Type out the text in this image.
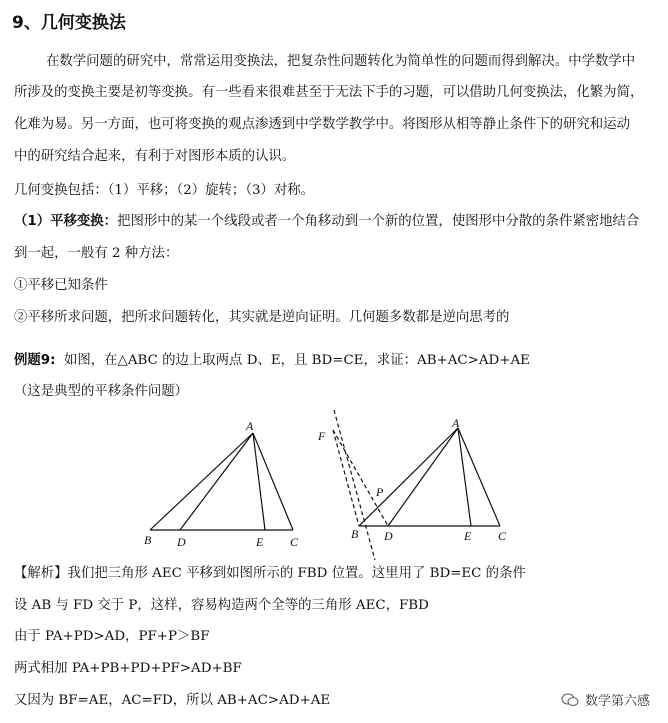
9、几何变换法
在数学问题的研究中，常常运用变换法，把复杂性问题转化为简单性的问题而得到解决。中学数学中
所涉及的变换主要是初等变换。有一些看来很难甚至于无法下手的习题，可以借助几何变换法，化繁为简，
化难为易。另一方面，也可将变换的观点渗透到中学数学教学中。将图形从相等静止条件下的研究和运动
中的研究结合起来，有利于对图形本质的认识。
几何变换包括：（1）平移；（2）旋转；（3）对称。
（1）平移变换：把图形中的某一个线段或者一个角移动到一个新的位置，使图形中分散的条件紧密地结合
到一起，一般有 2 种方法：
①平移已知条件
②平移所求问题，把所求问题转化，其实就是逆向证明。几何题多数都是逆向思考的
例题9: 如图，在△ABC 的边上取两点 D、E，且 BD=CE，求证：AB+AC>AD+AE
（这是典型的平移条件问题）
A
B D	E C
F
P
A
B D	E C
【解析】我们把三角形 AEC 平移到如图所示的 FBD 位置。这里用了 BD=EC 的条件
设 AB 与 FD 交于 P，这样，容易构造两个全等的三角形 AEC，FBD
由于 PA+PD>AD，PF+P＞BF
两式相加 PA+PB+PD+PF>AD+BF
又因为 BF=AE，AC=FD，所以 AB+AC>AD+AE	数学第六感
